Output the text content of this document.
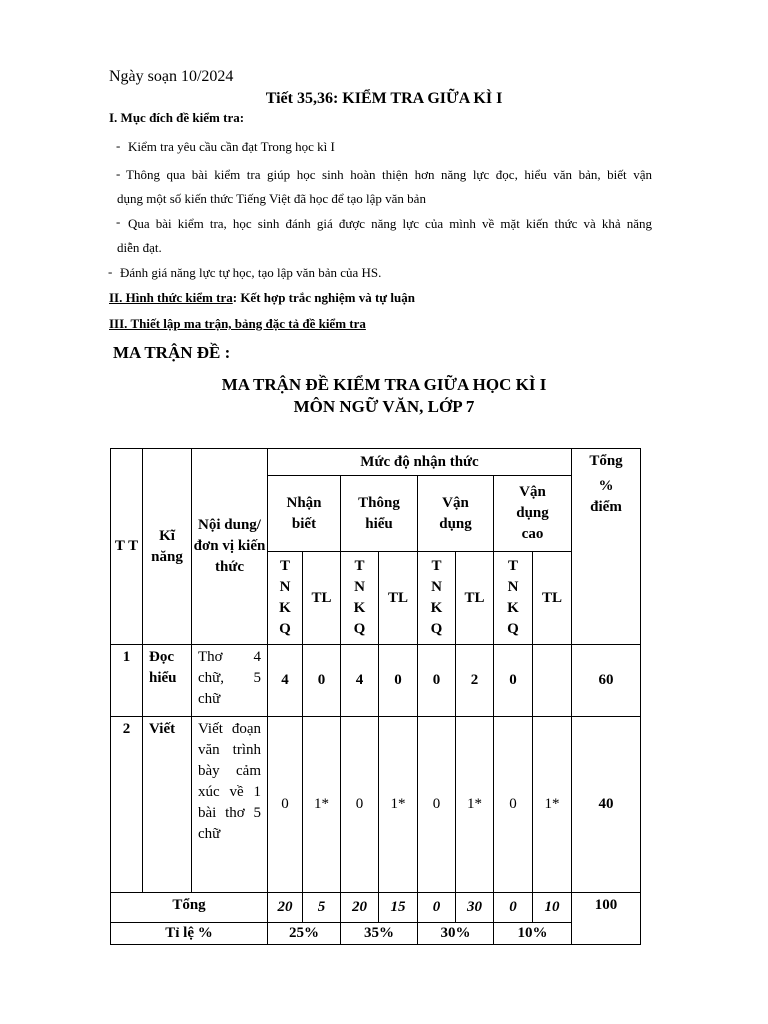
Ngày soạn 10/2024
Tiết 35,36: KIỂM TRA GIỮA KÌ I
I. Mục đích đề kiểm tra:
- Kiểm tra yêu cầu cần đạt Trong học kì I
- Thông qua bài kiểm tra giúp học sinh hoàn thiện hơn năng lực đọc, hiểu văn bản, biết vận
dụng một số kiến thức Tiếng Việt đã học để tạo lập văn bản
- Qua bài kiểm tra, học sinh đánh giá được năng lực của mình về mặt kiến thức và khả năng
diễn đạt.
- Đánh giá năng lực tự học, tạo lập văn bản của HS.
II. Hình thức kiểm tra: Kết hợp trắc nghiệm và tự luận
III. Thiết lập ma trận, bảng đặc tả đề kiểm tra
MA TRẬN ĐỀ :
MA TRẬN ĐỀ KIỂM TRA GIỮA HỌC KÌ I
MÔN NGỮ VĂN, LỚP 7
T T	Kĩ năng	Nội dung/đơn vị kiến thức	Mức độ nhận thức								Tổng
% điểm

			Nhận biết		Thông hiểu		Vận dụng		Vận dụng cao		
			TNKQ	TL	TNKQ	TL	TNKQ	TL	TNKQ	TL	
1	Đọc hiểu	Thơ 4 chữ, 5 chữ	4	0	4	0	0	2	0		60
2	Viết	Viết đoạn văn trình bày cảm xúc về 1 bài thơ 5 chữ	0	1*	0	1*	0	1*	0	1*	40
Tổng			20	5	20	15	0	30	0	10	100
Tỉ lệ %			25%		35%		30%		10%		
